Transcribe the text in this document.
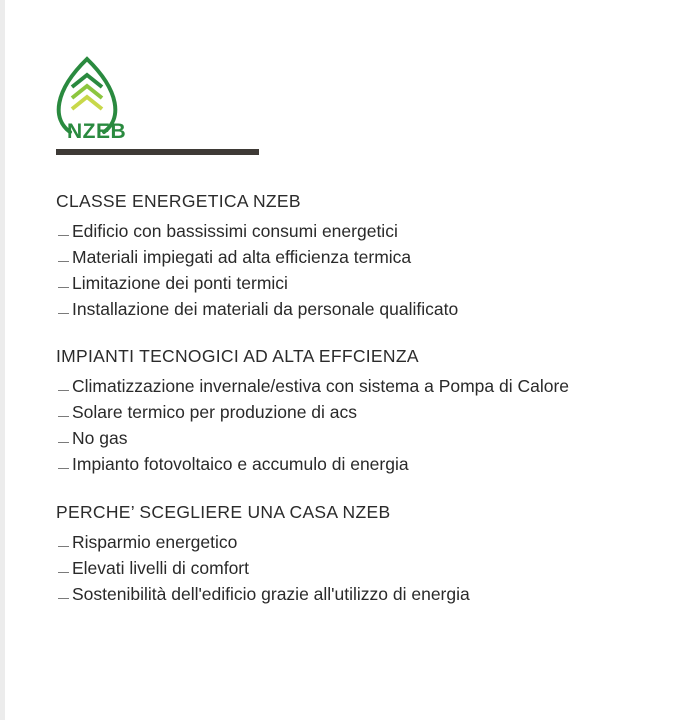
NZEB
CLASSE ENERGETICA NZEB
Edificio con bassissimi consumi energetici
Materiali impiegati ad alta efficienza termica
Limitazione dei ponti termici
Installazione dei materiali da personale qualificato
IMPIANTI TECNOGICI AD ALTA EFFCIENZA
Climatizzazione invernale/estiva con sistema a Pompa di Calore
Solare termico per produzione di acs
No gas
Impianto fotovoltaico e accumulo di energia
PERCHE’ SCEGLIERE UNA CASA NZEB
Risparmio energetico
Elevati livelli di comfort
Sostenibilità dell'edificio grazie all'utilizzo di energia
